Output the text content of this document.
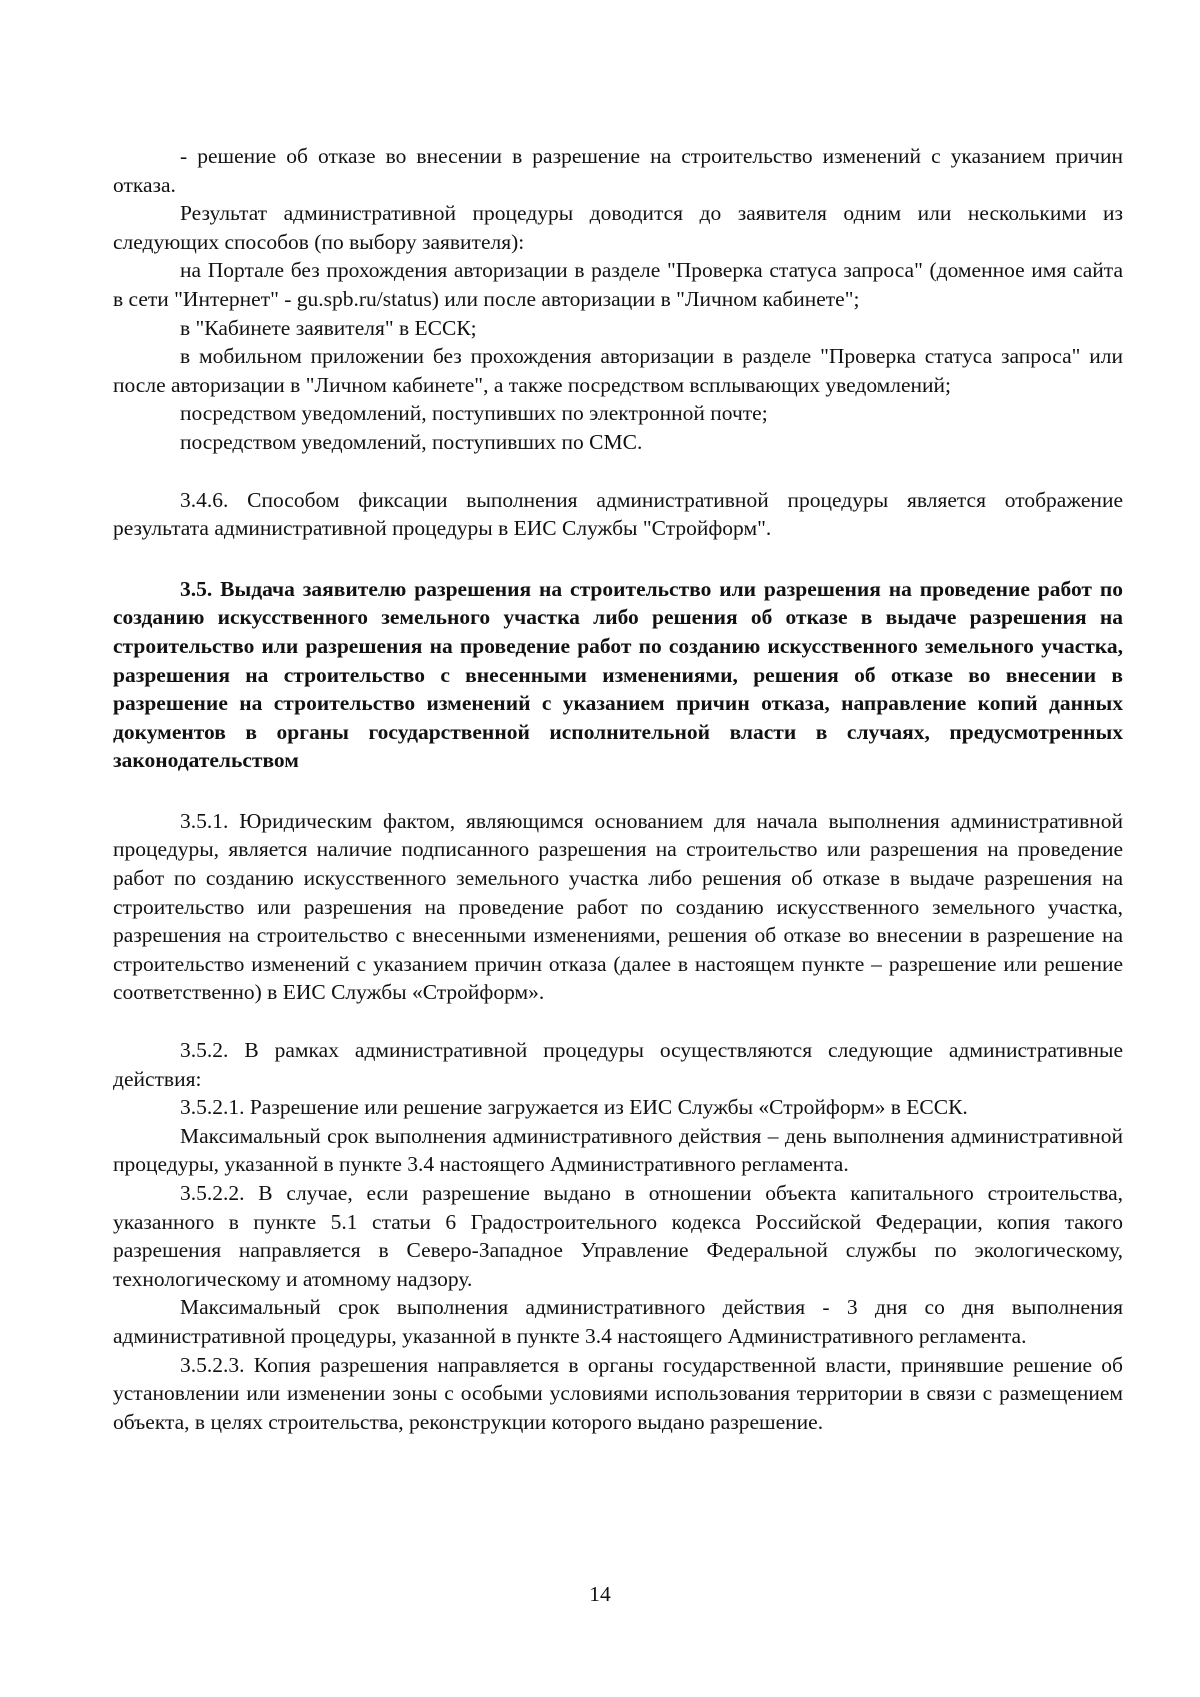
- решение об отказе во внесении в разрешение на строительство изменений с указанием причин отказа.

Результат административной процедуры доводится до заявителя одним или несколькими из следующих способов (по выбору заявителя):

на Портале без прохождения авторизации в разделе "Проверка статуса запроса" (доменное имя сайта в сети "Интернет" - gu.spb.ru/status) или после авторизации в "Личном кабинете";

в "Кабинете заявителя" в ЕССК;

в мобильном приложении без прохождения авторизации в разделе "Проверка статуса запроса" или после авторизации в "Личном кабинете", а также посредством всплывающих уведомлений;

посредством уведомлений, поступивших по электронной почте;

посредством уведомлений, поступивших по СМС.

3.4.6. Способом фиксации выполнения административной процедуры является отображение результата административной процедуры в ЕИС Службы "Стройформ".

3.5. Выдача заявителю разрешения на строительство или разрешения на проведение работ по созданию искусственного земельного участка либо решения об отказе в выдаче разрешения на строительство или разрешения на проведение работ по созданию искусственного земельного участка, разрешения на строительство с внесенными изменениями, решения об отказе во внесении в разрешение на строительство изменений с указанием причин отказа, направление копий данных документов в органы государственной исполнительной власти в случаях, предусмотренных законодательством

3.5.1. Юридическим фактом, являющимся основанием для начала выполнения административной процедуры, является наличие подписанного разрешения на строительство или разрешения на проведение работ по созданию искусственного земельного участка либо решения об отказе в выдаче разрешения на строительство или разрешения на проведение работ по созданию искусственного земельного участка, разрешения на строительство с внесенными изменениями, решения об отказе во внесении в разрешение на строительство изменений с указанием причин отказа (далее в настоящем пункте – разрешение или решение соответственно) в ЕИС Службы «Стройформ».

3.5.2. В рамках административной процедуры осуществляются следующие административные действия:

3.5.2.1. Разрешение или решение загружается из ЕИС Службы «Стройформ» в ЕССК.

Максимальный срок выполнения административного действия – день выполнения административной процедуры, указанной в пункте 3.4 настоящего Административного регламента.

3.5.2.2. В случае, если разрешение выдано в отношении объекта капитального строительства, указанного в пункте 5.1 статьи 6 Градостроительного кодекса Российской Федерации, копия такого разрешения направляется в Северо-Западное Управление Федеральной службы по экологическому, технологическому и атомному надзору.

Максимальный срок выполнения административного действия - 3 дня со дня выполнения административной процедуры, указанной в пункте 3.4 настоящего Административного регламента.

3.5.2.3. Копия разрешения направляется в органы государственной власти, принявшие решение об установлении или изменении зоны с особыми условиями использования территории в связи с размещением объекта, в целях строительства, реконструкции которого выдано разрешение.

14
